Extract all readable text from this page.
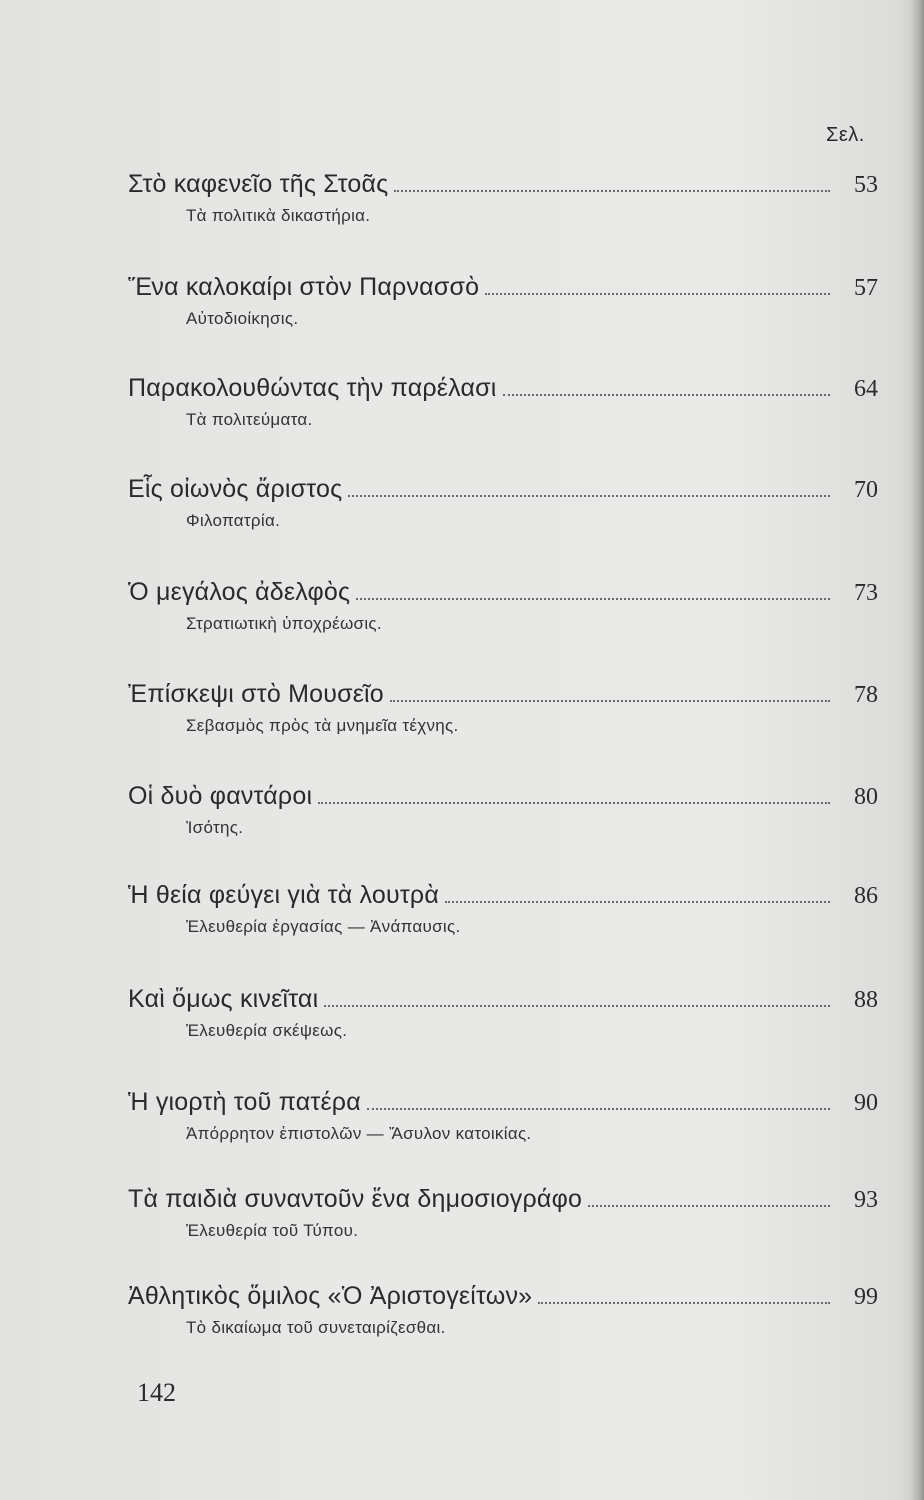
Σελ.
Στὸ καφενεῖο τῆς Στοᾶς	53
Τὰ πολιτικὰ δικαστήρια.
Ἕνα καλοκαίρι στὸν Παρνασσὸ	57
Αὐτοδιοίκησις.
Παρακολουθώντας τὴν παρέλασι	64
Τὰ πολιτεύματα.
Εἷς οἰωνὸς ἄριστος	70
Φιλοπατρία.
Ὁ μεγάλος ἀδελφὸς	73
Στρατιωτικὴ ὑποχρέωσις.
Ἐπίσκεψι στὸ Μουσεῖο	78
Σεβασμὸς πρὸς τὰ μνημεῖα τέχνης.
Οἱ δυὸ φαντάροι	80
Ἰσότης.
Ἡ θεία φεύγει γιὰ τὰ λουτρὰ	86
Ἐλευθερία ἐργασίας — Ἀνάπαυσις.
Καὶ ὅμως κινεῖται	88
Ἐλευθερία σκέψεως.
Ἡ γιορτὴ τοῦ πατέρα	90
Ἀπόρρητον ἐπιστολῶν — Ἄσυλον κατοικίας.
Τὰ παιδιὰ συναντοῦν ἕνα δημοσιογράφο	93
Ἐλευθερία τοῦ Τύπου.
Ἀθλητικὸς ὅμιλος «Ὁ Ἀριστογείτων»	99
Τὸ δικαίωμα τοῦ συνεταιρίζεσθαι.
142
